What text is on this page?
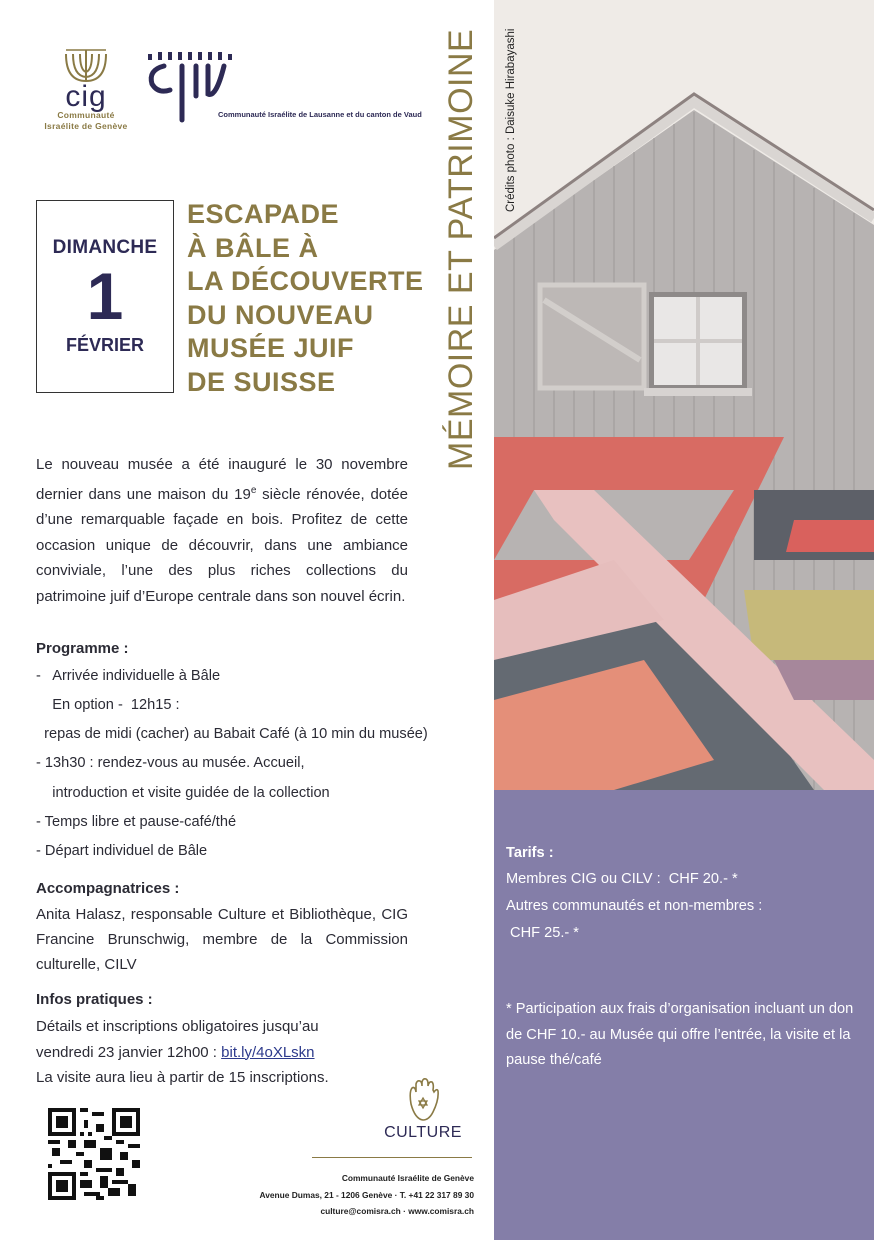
cig
Communauté
Israélite de Genève
Communauté Israélite de Lausanne et du canton de Vaud
DIMANCHE
1
FÉVRIER
ESCAPADE
À BÂLE À
LA DÉCOUVERTE
DU NOUVEAU
MUSÉE JUIF
DE SUISSE	MÉMOIRE ET PATRIMOINE	Crédits photo : Daisuke Hirabayashi
Le nouveau musée a été inauguré le 30 novembre dernier dans une maison du 19e siècle rénovée, dotée d’une remarquable façade en bois. Profitez de cette occasion unique de découvrir, dans une ambiance conviviale, l’une des plus riches collections du patrimoine juif d’Europe centrale dans son nouvel écrin.
Programme :
-   Arrivée individuelle à Bâle
En option -  12h15 :
repas de midi (cacher) au Babait Café (à 10 min du musée)
- 13h30 : rendez-vous au musée. Accueil,
introduction et visite guidée de la collection
- Temps libre et pause-café/thé
- Départ individuel de Bâle
Accompagnatrices :
Anita Halasz, responsable Culture et Bibliothèque, CIG Francine Brunschwig, membre de la Commission culturelle, CILV
Infos pratiques :
Détails et inscriptions obligatoires jusqu’au
vendredi 23 janvier 12h00 : bit.ly/4oXLskn
La visite aura lieu à partir de 15 inscriptions.
Tarifs :
Membres CIG ou CILV :  CHF 20.- *
Autres communautés et non-membres :
CHF 25.- *
* Participation aux frais d’organisation incluant un don de CHF 10.- au Musée qui offre l’entrée, la visite et la pause thé/café
CULTURE
Communauté Israélite de Genève
Avenue Dumas, 21 - 1206 Genève · T. +41 22 317 89 30
culture@comisra.ch · www.comisra.ch
